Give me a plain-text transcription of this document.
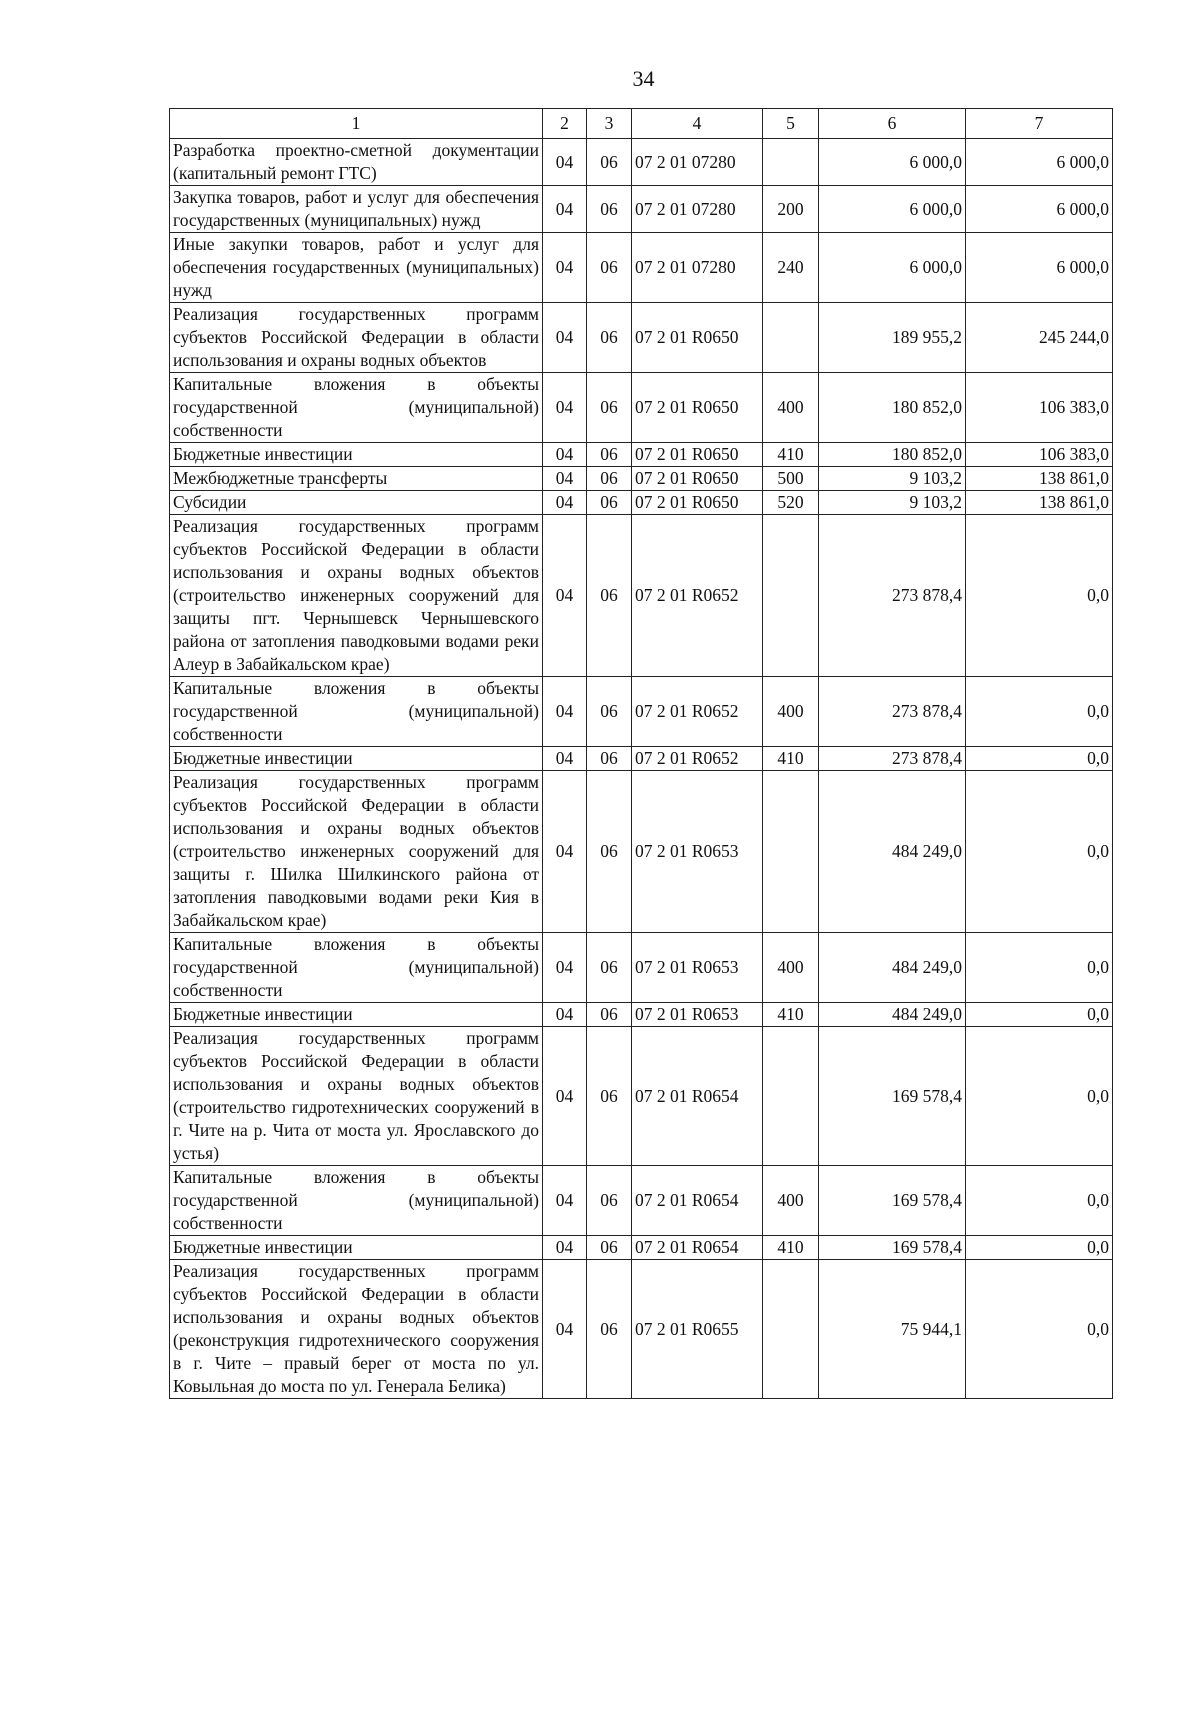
34
1	2	3	4	5	6	7
Разработка проектно-сметной документации (капитальный ремонт ГТС)	04	06	07 2 01 07280		6 000,0	6 000,0
Закупка товаров, работ и услуг для обеспечения государственных (муниципальных) нужд	04	06	07 2 01 07280	200	6 000,0	6 000,0
Иные закупки товаров, работ и услуг для обеспечения государственных (муниципальных) нужд	04	06	07 2 01 07280	240	6 000,0	6 000,0
Реализация государственных программ субъектов Российской Федерации в области использования и охраны водных объектов	04	06	07 2 01 R0650		189 955,2	245 244,0
Капитальные вложения в объекты государственной (муниципальной) собственности	04	06	07 2 01 R0650	400	180 852,0	106 383,0
Бюджетные инвестиции	04	06	07 2 01 R0650	410	180 852,0	106 383,0
Межбюджетные трансферты	04	06	07 2 01 R0650	500	9 103,2	138 861,0
Субсидии	04	06	07 2 01 R0650	520	9 103,2	138 861,0
Реализация государственных программ субъектов Российской Федерации в области использования и охраны водных объектов (строительство инженерных сооружений для защиты пгт. Чернышевск Чернышевского района от затопления паводковыми водами реки Алеур в Забайкальском крае)	04	06	07 2 01 R0652		273 878,4	0,0
Капитальные вложения в объекты государственной (муниципальной) собственности	04	06	07 2 01 R0652	400	273 878,4	0,0
Бюджетные инвестиции	04	06	07 2 01 R0652	410	273 878,4	0,0
Реализация государственных программ субъектов Российской Федерации в области использования и охраны водных объектов (строительство инженерных сооружений для защиты г. Шилка Шилкинского района от затопления паводковыми водами реки Кия в Забайкальском крае)	04	06	07 2 01 R0653		484 249,0	0,0
Капитальные вложения в объекты государственной (муниципальной) собственности	04	06	07 2 01 R0653	400	484 249,0	0,0
Бюджетные инвестиции	04	06	07 2 01 R0653	410	484 249,0	0,0
Реализация государственных программ субъектов Российской Федерации в области использования и охраны водных объектов (строительство гидротехнических сооружений в г. Чите на р. Чита от моста ул. Ярославского до устья)	04	06	07 2 01 R0654		169 578,4	0,0
Капитальные вложения в объекты государственной (муниципальной) собственности	04	06	07 2 01 R0654	400	169 578,4	0,0
Бюджетные инвестиции	04	06	07 2 01 R0654	410	169 578,4	0,0
Реализация государственных программ субъектов Российской Федерации в области использования и охраны водных объектов (реконструкция гидротехнического сооружения в г. Чите – правый берег от моста по ул. Ковыльная до моста по ул. Генерала Белика)	04	06	07 2 01 R0655		75 944,1	0,0
